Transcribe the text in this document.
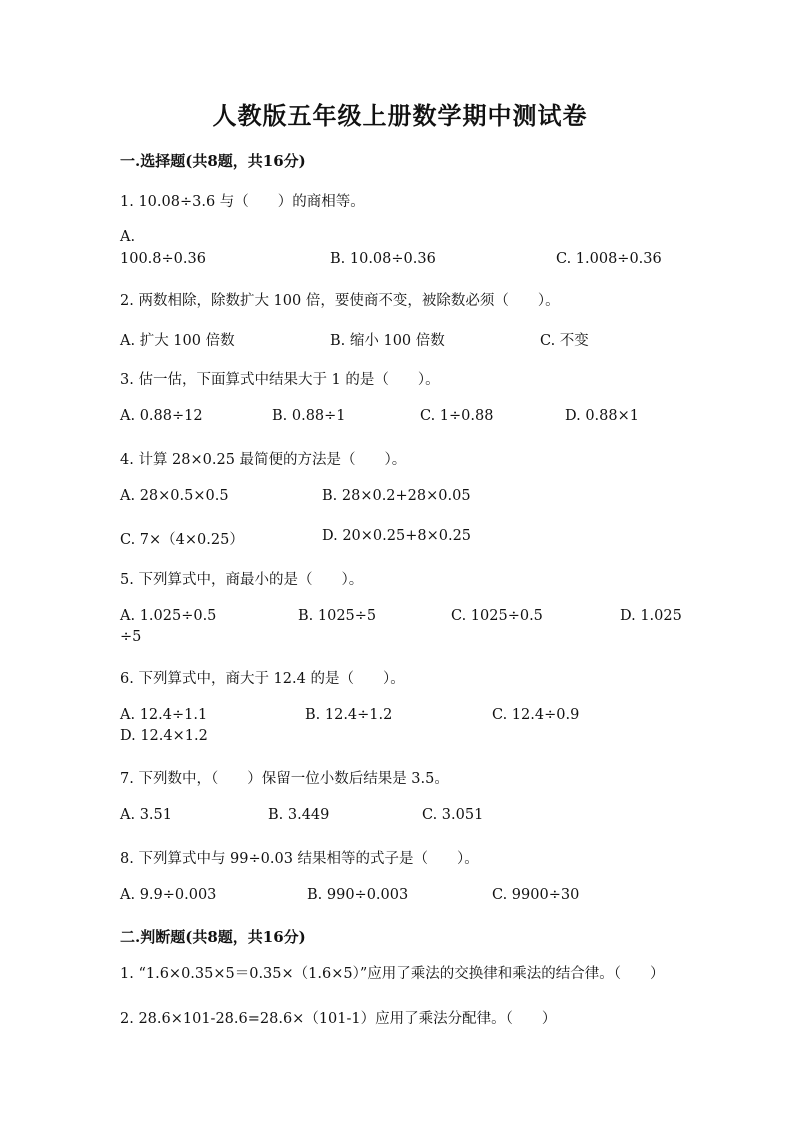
人教版五年级上册数学期中测试卷
一.选择题(共8题，共16分)
1. 10.08÷3.6 与（　　）的商相等。
A.
100.8÷0.36	B. 10.08÷0.36	C. 1.008÷0.36
2. 两数相除，除数扩大 100 倍，要使商不变，被除数必须（　　）。
A. 扩大 100 倍数	B. 缩小 100 倍数	C. 不变
3. 估一估，下面算式中结果大于 1 的是（　　）。
A. 0.88÷12	B. 0.88÷1	C. 1÷0.88	D. 0.88×1
4. 计算 28×0.25 最简便的方法是（　　）。
A. 28×0.5×0.5	B. 28×0.2+28×0.05
C. 7×（4×0.25）	D. 20×0.25+8×0.25
5. 下列算式中，商最小的是（　　）。
A. 1.025÷0.5	B. 1025÷5	C. 1025÷0.5	D. 1.025
÷5
6. 下列算式中，商大于 12.4 的是（　　）。
A. 12.4÷1.1	B. 12.4÷1.2	C. 12.4÷0.9
D. 12.4×1.2
7. 下列数中，（　　）保留一位小数后结果是 3.5。
A. 3.51	B. 3.449	C. 3.051
8. 下列算式中与 99÷0.03 结果相等的式子是（　　）。
A. 9.9÷0.003	B. 990÷0.003	C. 9900÷30
二.判断题(共8题，共16分)
1. “1.6×0.35×5＝0.35×（1.6×5）”应用了乘法的交换律和乘法的结合律。（　　）
2. 28.6×101-28.6=28.6×（101-1）应用了乘法分配律。（　　）
